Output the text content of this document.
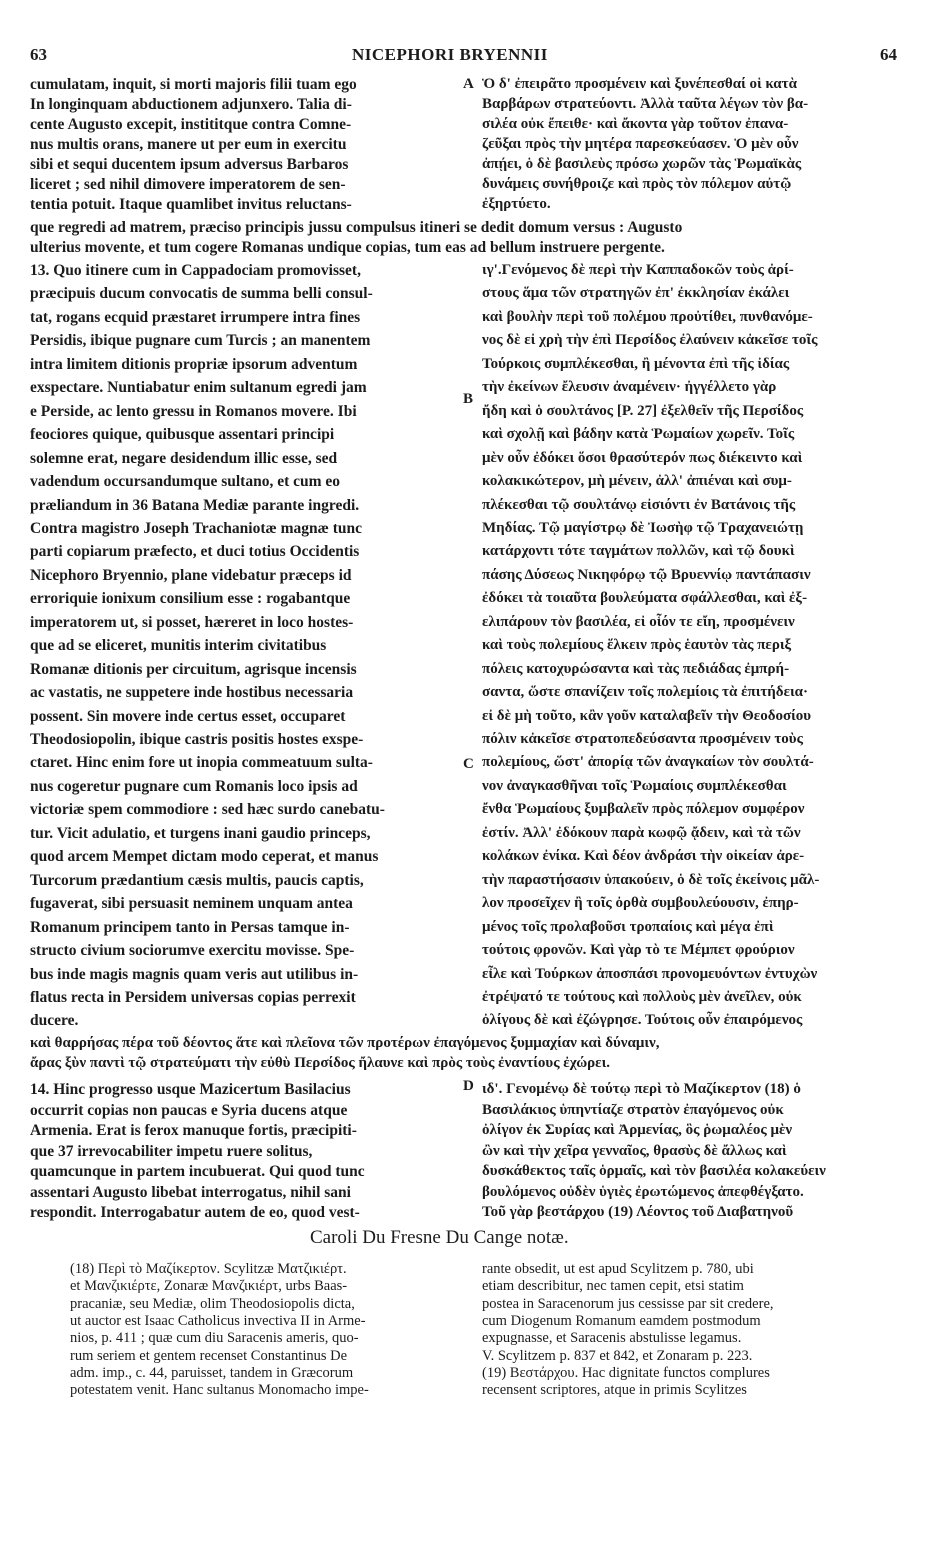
63	NICEPHORI BRYENNII	64
A
B
C
D
cumulatam, inquit, si morti majoris filii tuam ego
In longinquam abductionem adjunxero. Talia di-
cente Augusto excepit, instititque contra Comne-
nus multis orans, manere ut per eum in exercitu
sibi et sequi ducentem ipsum adversus Barbaros
liceret ; sed nihil dimovere imperatorem de sen-
tentia potuit. Itaque quamlibet invitus reluctans-
Ὁ δ' ἐπειρᾶτο προσμένειν καὶ ξυνέπεσθαί οἱ κατὰ
Βαρβάρων στρατεύοντι. Ἀλλὰ ταῦτα λέγων τὸν βα-
σιλέα οὐκ ἔπειθε· καὶ ἄκοντα γὰρ τοῦτον ἐπανα-
ζεῦξαι πρὸς τὴν μητέρα παρεσκεύασεν. Ὁ μὲν οὖν
ἀπῄει, ὁ δὲ βασιλεὺς πρόσω χωρῶν τὰς Ῥωμαϊκὰς
δυνάμεις συνήθροιζε καὶ πρὸς τὸν πόλεμον αὐτῷ
ἐξηρτύετο.
que regredi ad matrem, præciso principis jussu compulsus itineri se dedit domum versus : Augusto
ulterius movente, et tum cogere Romanas undique copias, tum eas ad bellum instruere pergente.
13. Quo itinere cum in Cappadociam promovisset,
præcipuis ducum convocatis de summa belli consul-
tat, rogans ecquid præstaret irrumpere intra fines
Persidis, ibique pugnare cum Turcis ; an manentem
intra limitem ditionis propriæ ipsorum adventum
exspectare. Nuntiabatur enim sultanum egredi jam
e Perside, ac lento gressu in Romanos movere. Ibi
feociores quique, quibusque assentari principi
solemne erat, negare desidendum illic esse, sed
vadendum occursandumque sultano, et cum eo
præliandum in 36 Batana Mediæ parante ingredi.
Contra magistro Joseph Trachaniotæ magnæ tunc
parti copiarum præfecto, et duci totius Occidentis
Nicephoro Bryennio, plane videbatur præceps id
erroriquie ionixum consilium esse : rogabantque
imperatorem ut, si posset, hæreret in loco hostes-
que ad se eliceret, munitis interim civitatibus
Romanæ ditionis per circuitum, agrisque incensis
ac vastatis, ne suppetere inde hostibus necessaria
possent. Sin movere inde certus esset, occuparet
Theodosiopolin, ibique castris positis hostes exspe-
ctaret. Hinc enim fore ut inopia commeatuum sulta-
nus cogeretur pugnare cum Romanis loco ipsis ad
victoriæ spem commodiore : sed hæc surdo canebatu-
tur. Vicit adulatio, et turgens inani gaudio princeps,
quod arcem Mempet dictam modo ceperat, et manus
Turcorum prædantium cæsis multis, paucis captis,
fugaverat, sibi persuasit neminem unquam antea
Romanum principem tanto in Persas tamque in-
structo civium sociorumve exercitu movisse. Spe-
bus inde magis magnis quam veris aut utilibus in-
flatus recta in Persidem universas copias perrexit
ducere.
ιγ'.Γενόμενος δὲ περὶ τὴν Καππαδοκῶν τοὺς ἀρί-
στους ἅμα τῶν στρατηγῶν ἐπ' ἐκκλησίαν ἐκάλει
καὶ βουλὴν περὶ τοῦ πολέμου προὐτίθει, πυνθανόμε-
νος δὲ εἰ χρὴ τὴν ἐπὶ Περσίδος ἐλαύνειν κἀκεῖσε τοῖς
Τούρκοις συμπλέκεσθαι, ἢ μένοντα ἐπὶ τῆς ἰδίας
τὴν ἐκείνων ἔλευσιν ἀναμένειν· ἠγγέλλετο γὰρ
ἤδη καὶ ὁ σουλτάνος [P. 27] ἐξελθεῖν τῆς Περσίδος
καὶ σχολῇ καὶ βάδην κατὰ Ῥωμαίων χωρεῖν. Τοῖς
μὲν οὖν ἐδόκει ὅσοι θρασύτερόν πως διέκειντο καὶ
κολακικώτερον, μὴ μένειν, ἀλλ' ἀπιέναι καὶ συμ-
πλέκεσθαι τῷ σουλτάνῳ εἰσιόντι ἐν Βατάνοις τῆς
Μηδίας. Τῷ μαγίστρῳ δὲ Ἰωσὴφ τῷ Τραχανειώτῃ
κατάρχοντι τότε ταγμάτων πολλῶν, καὶ τῷ δουκὶ
πάσης Δύσεως Νικηφόρῳ τῷ Βρυεννίῳ παντάπασιν
ἐδόκει τὰ τοιαῦτα βουλεύματα σφάλλεσθαι, καὶ ἐξ-
ελιπάρουν τὸν βασιλέα, εἰ οἷόν τε εἴη, προσμένειν
καὶ τοὺς πολεμίους ἕλκειν πρὸς ἑαυτὸν τὰς περιξ
πόλεις κατοχυρώσαντα καὶ τὰς πεδιάδας ἐμπρή-
σαντα, ὥστε σπανίζειν τοῖς πολεμίοις τὰ ἐπιτήδεια·
εἰ δὲ μὴ τοῦτο, κἂν γοῦν καταλαβεῖν τὴν Θεοδοσίου
πόλιν κἀκεῖσε στρατοπεδεύσαντα προσμένειν τοὺς
πολεμίους, ὥστ' ἀπορίᾳ τῶν ἀναγκαίων τὸν σουλτά-
νον ἀναγκασθῆναι τοῖς Ῥωμαίοις συμπλέκεσθαι
ἔνθα Ῥωμαίους ξυμβαλεῖν πρὸς πόλεμον συμφέρον
ἐστίν. Ἀλλ' ἐδόκουν παρὰ κωφῷ ᾄδειν, καὶ τὰ τῶν
κολάκων ἐνίκα. Καὶ δέον ἀνδράσι τὴν οἰκείαν ἀρε-
τὴν παραστήσασιν ὑπακούειν, ὁ δὲ τοῖς ἐκείνοις μᾶλ-
λον προσεῖχεν ἢ τοῖς ὀρθὰ συμβουλεύουσιν, ἐπηρ-
μένος τοῖς προλαβοῦσι τροπαίοις καὶ μέγα ἐπὶ
τούτοις φρονῶν. Καὶ γὰρ τὸ τε Μέμπετ φρούριον
εἶλε καὶ Τούρκων ἀποσπάσι προνομευόντων ἐντυχὼν
ἐτρέψατό τε τούτους καὶ πολλοὺς μὲν ἀνεῖλεν, οὐκ
ὀλίγους δὲ καὶ ἐζώγρησε. Τούτοις οὖν ἐπαιρόμενος
καὶ θαρρήσας πέρα τοῦ δέοντος ἅτε καὶ πλεῖονα τῶν προτέρων ἐπαγόμενος ξυμμαχίαν καὶ δύναμιν,
ἄρας ξὺν παντὶ τῷ στρατεύματι τὴν εὐθὺ Περσίδος ἤλαυνε καὶ πρὸς τοὺς ἐναντίους ἐχώρει.
14. Hinc progresso usque Mazicertum Basilacius
occurrit copias non paucas e Syria ducens atque
Armenia. Erat is ferox manuque fortis, præcipiti-
que 37 irrevocabiliter impetu ruere solitus,
quamcunque in partem incubuerat. Qui quod tunc
assentari Augusto libebat interrogatus, nihil sani
respondit. Interrogabatur autem de eo, quod vest-
ιδ'. Γενομένῳ δὲ τούτῳ περὶ τὸ Μαζίκερτον (18) ὁ
Βασιλάκιος ὑπηντίαζε στρατὸν ἐπαγόμενος οὐκ
ὀλίγον ἐκ Συρίας καὶ Ἀρμενίας, ὃς ῥωμαλέος μὲν
ὢν καὶ τὴν χεῖρα γενναῖος, θρασὺς δὲ ἄλλως καὶ
δυσκάθεκτος ταῖς ὁρμαῖς, καὶ τὸν βασιλέα κολακεύειν
βουλόμενος οὐδὲν ὑγιὲς ἐρωτώμενος ἀπεφθέγξατο.
Τοῦ γὰρ βεστάρχου (19) Λέοντος τοῦ Διαβατηνοῦ
Caroli Du Fresne Du Cange notæ.
(18) Περὶ τὸ Μαζίκερτον. Scylitzæ Ματζικιέρτ.
et Μανζικιέρτε, Zonaræ Μανζικιέρτ, urbs Baas-
pracaniæ, seu Mediæ, olim Theodosiopolis dicta,
ut auctor est Isaac Catholicus invectiva II in Arme-
nios, p. 411 ; quæ cum diu Saracenis ameris, quo-
rum seriem et gentem recenset Constantinus De
adm. imp., c. 44, paruisset, tandem in Græcorum
potestatem venit. Hanc sultanus Monomacho impe-
rante obsedit, ut est apud Scylitzem p. 780, ubi
etiam describitur, nec tamen cepit, etsi statim
postea in Saracenorum jus cessisse par sit credere,
cum Diogenum Romanum eamdem postmodum
expugnasse, et Saracenis abstulisse legamus.
V. Scylitzem p. 837 et 842, et Zonaram p. 223.
(19) Βεστάρχου. Hac dignitate functos complures
recensent scriptores, atque in primis Scylitzes
